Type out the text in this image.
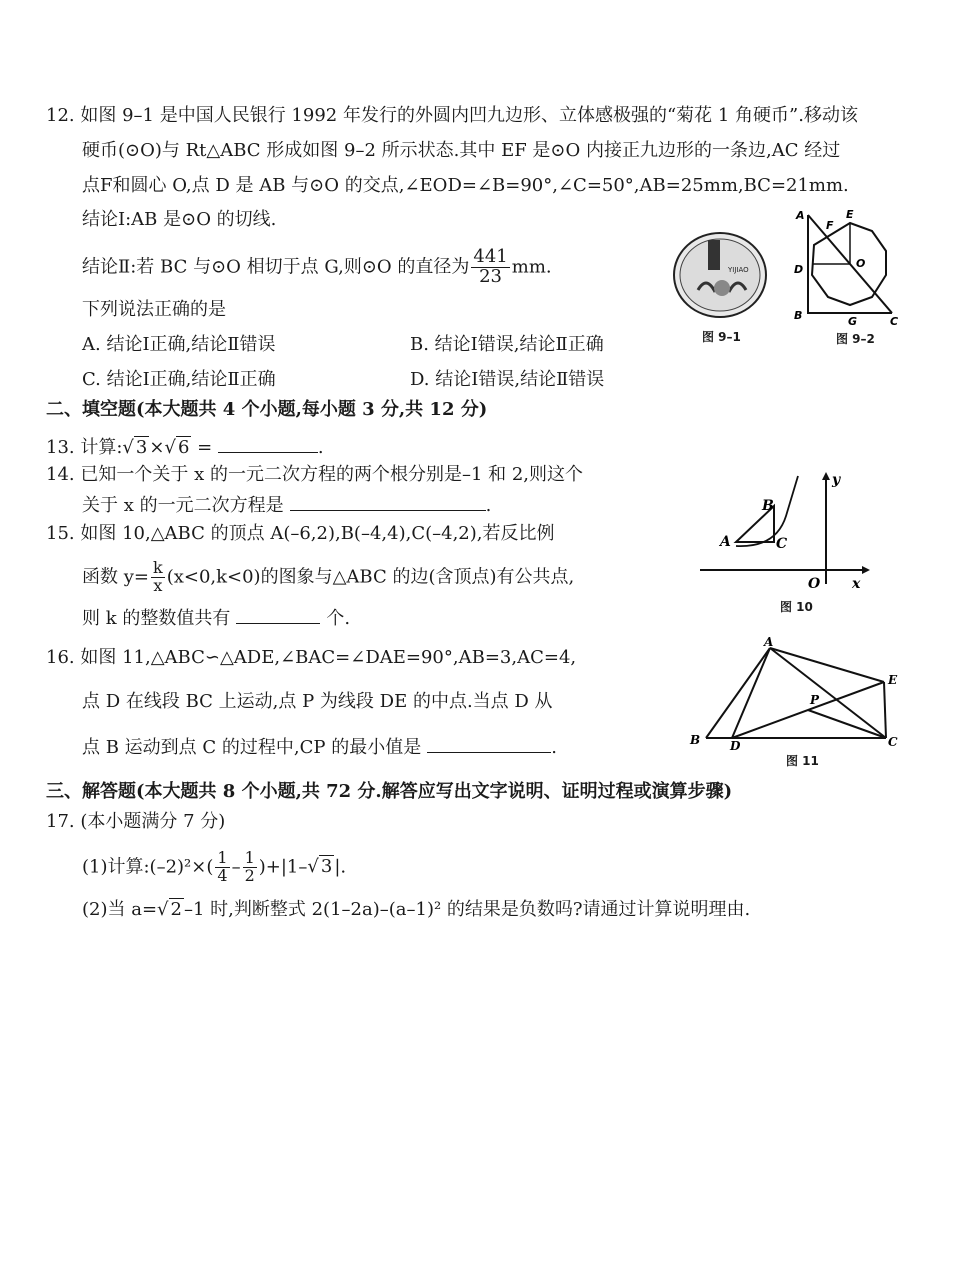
12. 如图 9–1 是中国人民银行 1992 年发行的外圆内凹九边形、立体感极强的“菊花 1 角硬币”.移动该
硬币(⊙O)与 Rt△ABC 形成如图 9–2 所示状态.其中 EF 是⊙O 内接正九边形的一条边,AC 经过
点F和圆心 O,点 D 是 AB 与⊙O 的交点,∠EOD=∠B=90°,∠C=50°,AB=25mm,BC=21mm.
结论Ⅰ:AB 是⊙O 的切线.
结论Ⅱ:若 BC 与⊙O 相切于点 G,则⊙O 的直径为 $\frac{441}{23}$ mm.
下列说法正确的是
A. 结论Ⅰ正确,结论Ⅱ错误	B. 结论Ⅰ错误,结论Ⅱ正确
C. 结论Ⅰ正确,结论Ⅱ正确	D. 结论Ⅰ错误,结论Ⅱ错误
YIJIAO
图 9–1
A	E
F
D	O
B	G	C
图 9–2
二、填空题(本大题共 4 个小题,每小题 3 分,共 12 分)
13. 计算:√ 3 ×√ 6 =	.
14. 已知一个关于 x 的一元二次方程的两个根分别是–1 和 2,则这个
关于 x 的一元二次方程是	.
15. 如图 10,△ABC 的顶点 A(–6,2),B(–4,4),C(–4,2),若反比例
函数 $y= \frac{k}{x} (x<0,k<0)$的图象与△ABC 的边(含顶点)有公共点,
则 k 的整数值共有	个.
y
x
O
A
B
C
图 10
16. 如图 11,△ABC∽△ADE,∠BAC=∠DAE=90°,AB=3,AC=4,
点 D 在线段 BC 上运动,点 P 为线段 DE 的中点.当点 D 从
点 B 运动到点 C 的过程中,CP 的最小值是	.
A
E
P
B D	C
图 11
三、解答题(本大题共 8 个小题,共 72 分.解答应写出文字说明、证明过程或演算步骤)
17. (本小题满分 7 分)
(1)计算:(–2)²×( $\frac{1}{4} - \frac{1}{2} )+|1-√$ 3 |.
(2)当 a=√ 2 –1 时,判断整式 2(1–2a)–(a–1)² 的结果是负数吗?请通过计算说明理由.
